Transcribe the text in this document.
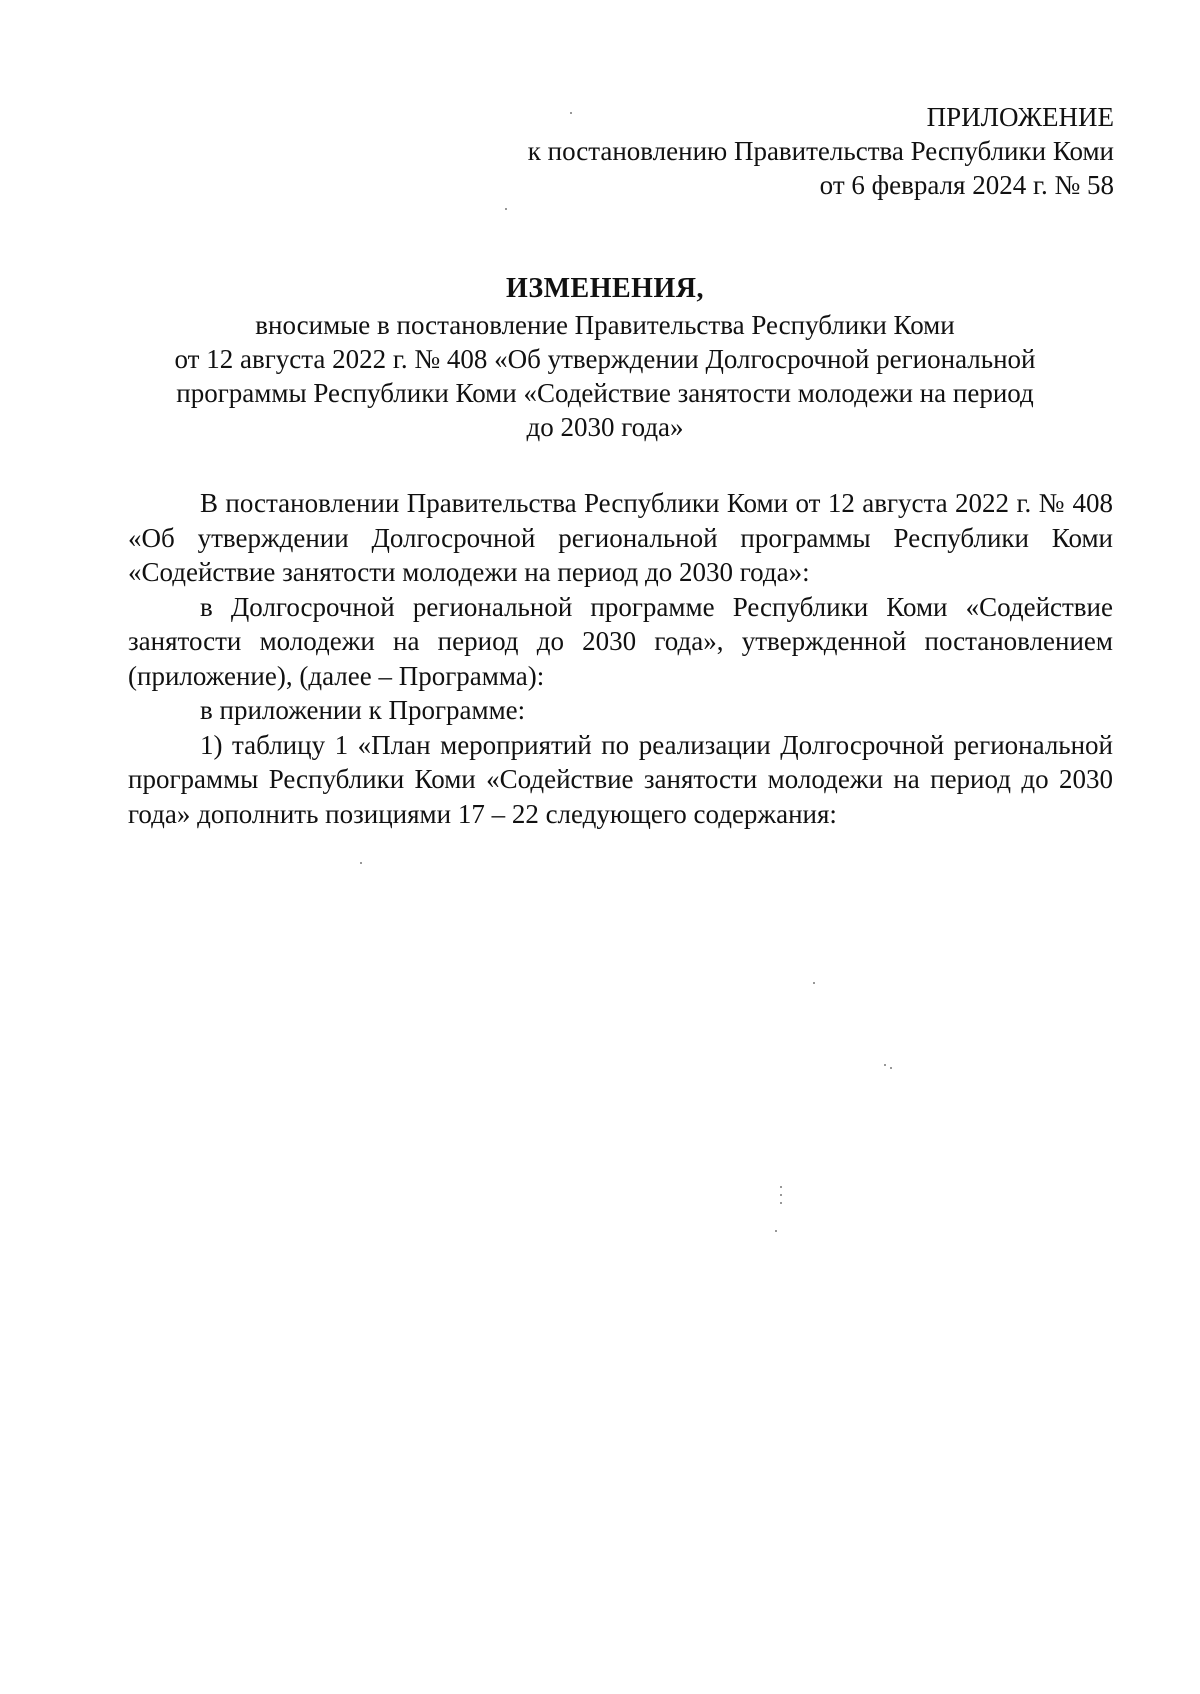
ПРИЛОЖЕНИЕ
к постановлению Правительства Республики Коми
от 6 февраля 2024 г. № 58
ИЗМЕНЕНИЯ,
вносимые в постановление Правительства Республики Коми
от 12 августа 2022 г. № 408 «Об утверждении Долгосрочной региональной
программы Республики Коми «Содействие занятости молодежи на период
до 2030 года»

В постановлении Правительства Республики Коми от 12 августа 2022 г. № 408 «Об утверждении Долгосрочной региональной программы Республики Коми «Содействие занятости молодежи на период до 2030 года»:

в Долгосрочной региональной программе Республики Коми «Содействие занятости молодежи на период до 2030 года», утвержденной постановлением (приложение), (далее – Программа):

в приложении к Программе:

1) таблицу 1 «План мероприятий по реализации Долгосрочной региональной программы Республики Коми «Содействие занятости молодежи на период до 2030 года» дополнить позициями 17 – 22 следующего содержания:
